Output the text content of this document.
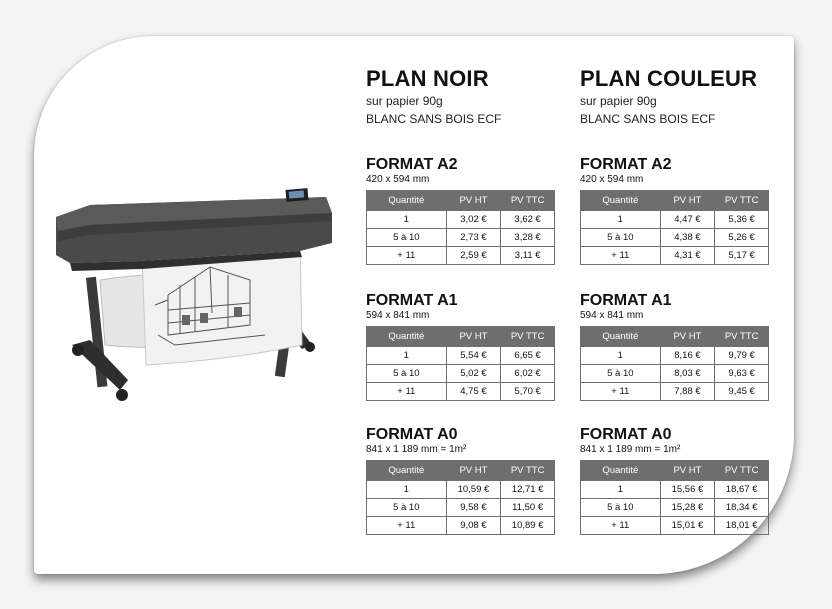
PLAN NOIR
sur papier 90g
BLANC SANS BOIS ECF
FORMAT A2
420 x 594 mm
Quantité	PV HT	PV TTC
1	3,02 €	3,62 €
5 à 10	2,73 €	3,28 €
+ 11	2,59 €	3,11 €
FORMAT A1
594 x 841 mm
Quantité	PV HT	PV TTC
1	5,54 €	6,65 €
5 à 10	5,02 €	6,02 €
+ 11	4,75 €	5,70 €
FORMAT A0
841 x 1 189 mm = 1m²
Quantité	PV HT	PV TTC
1	10,59 €	12,71 €
5 à 10	9,58 €	11,50 €
+ 11	9,08 €	10,89 €
PLAN COULEUR
sur papier 90g
BLANC SANS BOIS ECF
FORMAT A2
420 x 594 mm
Quantité	PV HT	PV TTC
1	4,47 €	5,36 €
5 à 10	4,38 €	5,26 €
+ 11	4,31 €	5,17 €
FORMAT A1
594 x 841 mm
Quantité	PV HT	PV TTC
1	8,16 €	9,79 €
5 à 10	8,03 €	9,63 €
+ 11	7,88 €	9,45 €
FORMAT A0
841 x 1 189 mm = 1m²
Quantité	PV HT	PV TTC
1	15,56 €	18,67 €
5 à 10	15,28 €	18,34 €
+ 11	15,01 €	18,01 €
